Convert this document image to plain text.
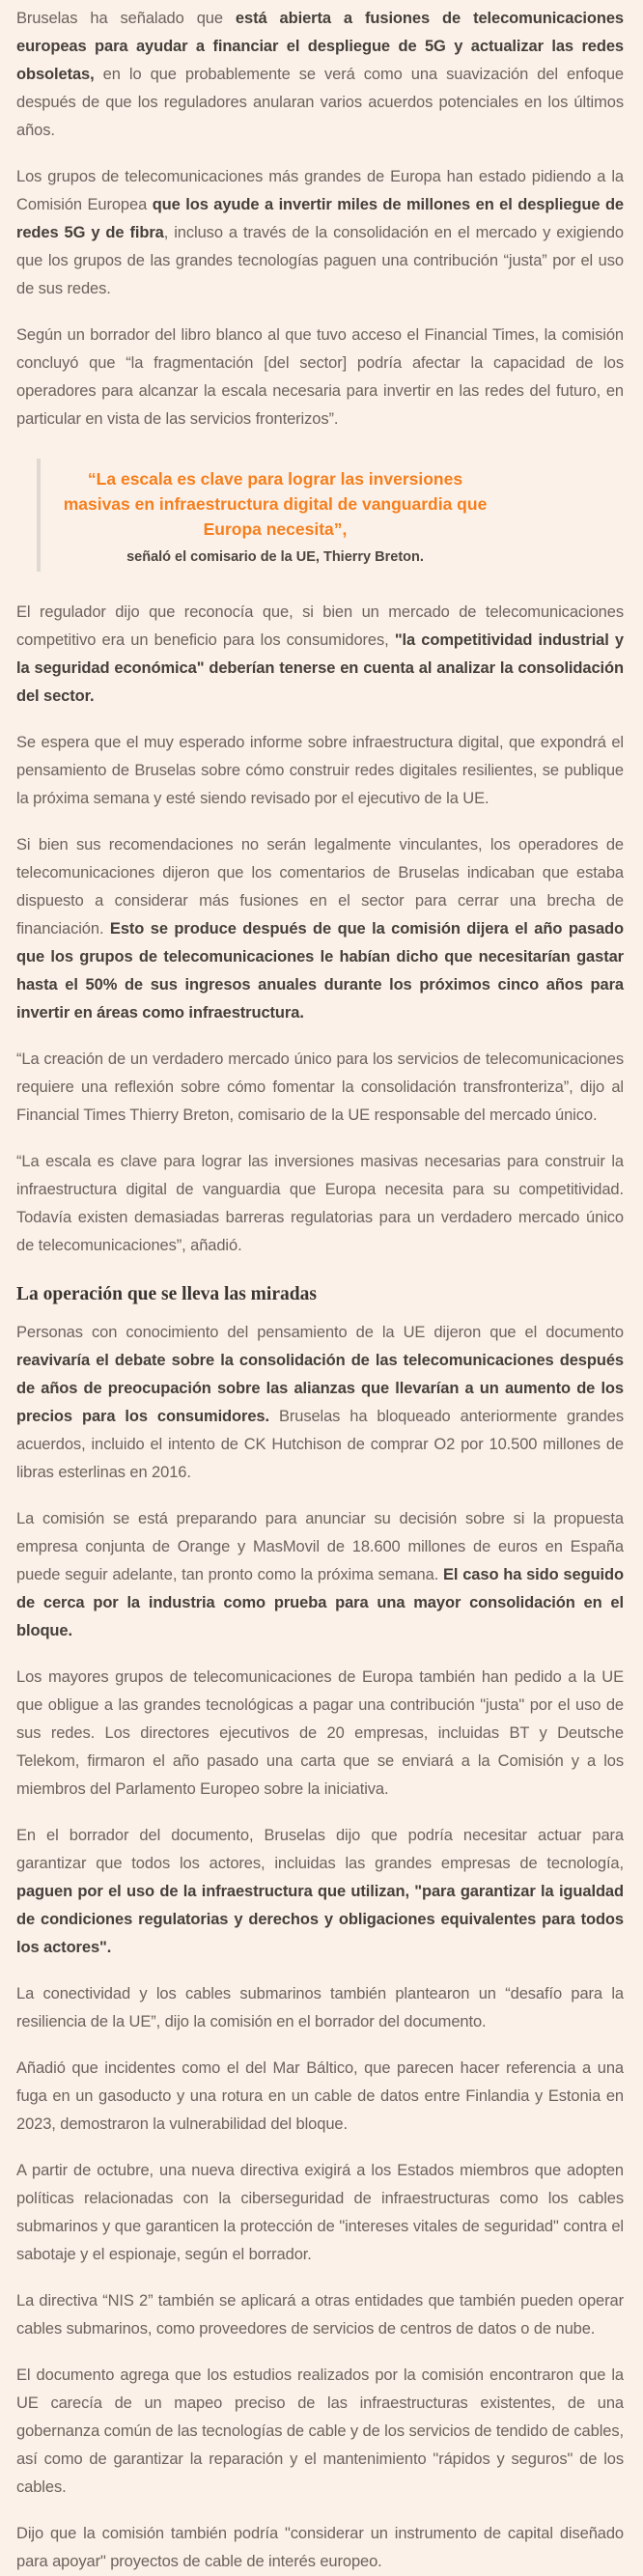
Bruselas ha señalado que está abierta a fusiones de telecomunicaciones europeas para ayudar a financiar el despliegue de 5G y actualizar las redes obsoletas, en lo que probablemente se verá como una suavización del enfoque después de que los reguladores anularan varios acuerdos potenciales en los últimos años.

Los grupos de telecomunicaciones más grandes de Europa han estado pidiendo a la Comisión Europea que los ayude a invertir miles de millones en el despliegue de redes 5G y de fibra, incluso a través de la consolidación en el mercado y exigiendo que los grupos de las grandes tecnologías paguen una contribución “justa” por el uso de sus redes.

Según un borrador del libro blanco al que tuvo acceso el Financial Times, la comisión concluyó que “la fragmentación [del sector] podría afectar la capacidad de los operadores para alcanzar la escala necesaria para invertir en las redes del futuro, en particular en vista de las servicios fronterizos”.

“La escala es clave para lograr las inversiones masivas en infraestructura digital de vanguardia que Europa necesita”,

señaló el comisario de la UE, Thierry Breton.

El regulador dijo que reconocía que, si bien un mercado de telecomunicaciones competitivo era un beneficio para los consumidores, "la competitividad industrial y la seguridad económica" deberían tenerse en cuenta al analizar la consolidación del sector.

Se espera que el muy esperado informe sobre infraestructura digital, que expondrá el pensamiento de Bruselas sobre cómo construir redes digitales resilientes, se publique la próxima semana y esté siendo revisado por el ejecutivo de la UE.

Si bien sus recomendaciones no serán legalmente vinculantes, los operadores de telecomunicaciones dijeron que los comentarios de Bruselas indicaban que estaba dispuesto a considerar más fusiones en el sector para cerrar una brecha de financiación. Esto se produce después de que la comisión dijera el año pasado que los grupos de telecomunicaciones le habían dicho que necesitarían gastar hasta el 50% de sus ingresos anuales durante los próximos cinco años para invertir en áreas como infraestructura.

“La creación de un verdadero mercado único para los servicios de telecomunicaciones requiere una reflexión sobre cómo fomentar la consolidación transfronteriza”, dijo al Financial Times Thierry Breton, comisario de la UE responsable del mercado único.

“La escala es clave para lograr las inversiones masivas necesarias para construir la infraestructura digital de vanguardia que Europa necesita para su competitividad. Todavía existen demasiadas barreras regulatorias para un verdadero mercado único de telecomunicaciones”, añadió.

La operación que se lleva las miradas

Personas con conocimiento del pensamiento de la UE dijeron que el documento reavivaría el debate sobre la consolidación de las telecomunicaciones después de años de preocupación sobre las alianzas que llevarían a un aumento de los precios para los consumidores. Bruselas ha bloqueado anteriormente grandes acuerdos, incluido el intento de CK Hutchison de comprar O2 por 10.500 millones de libras esterlinas en 2016.

La comisión se está preparando para anunciar su decisión sobre si la propuesta empresa conjunta de Orange y MasMovil de 18.600 millones de euros en España puede seguir adelante, tan pronto como la próxima semana. El caso ha sido seguido de cerca por la industria como prueba para una mayor consolidación en el bloque.

Los mayores grupos de telecomunicaciones de Europa también han pedido a la UE que obligue a las grandes tecnológicas a pagar una contribución "justa" por el uso de sus redes. Los directores ejecutivos de 20 empresas, incluidas BT y Deutsche Telekom, firmaron el año pasado una carta que se enviará a la Comisión y a los miembros del Parlamento Europeo sobre la iniciativa.

En el borrador del documento, Bruselas dijo que podría necesitar actuar para garantizar que todos los actores, incluidas las grandes empresas de tecnología, paguen por el uso de la infraestructura que utilizan, "para garantizar la igualdad de condiciones regulatorias y derechos y obligaciones equivalentes para todos los actores".

La conectividad y los cables submarinos también plantearon un “desafío para la resiliencia de la UE”, dijo la comisión en el borrador del documento.

Añadió que incidentes como el del Mar Báltico, que parecen hacer referencia a una fuga en un gasoducto y una rotura en un cable de datos entre Finlandia y Estonia en 2023, demostraron la vulnerabilidad del bloque.

A partir de octubre, una nueva directiva exigirá a los Estados miembros que adopten políticas relacionadas con la ciberseguridad de infraestructuras como los cables submarinos y que garanticen la protección de "intereses vitales de seguridad" contra el sabotaje y el espionaje, según el borrador.

La directiva “NIS 2” también se aplicará a otras entidades que también pueden operar cables submarinos, como proveedores de servicios de centros de datos o de nube.

El documento agrega que los estudios realizados por la comisión encontraron que la UE carecía de un mapeo preciso de las infraestructuras existentes, de una gobernanza común de las tecnologías de cable y de los servicios de tendido de cables, así como de garantizar la reparación y el mantenimiento "rápidos y seguros" de los cables.

Dijo que la comisión también podría "considerar un instrumento de capital diseñado para apoyar" proyectos de cable de interés europeo.
